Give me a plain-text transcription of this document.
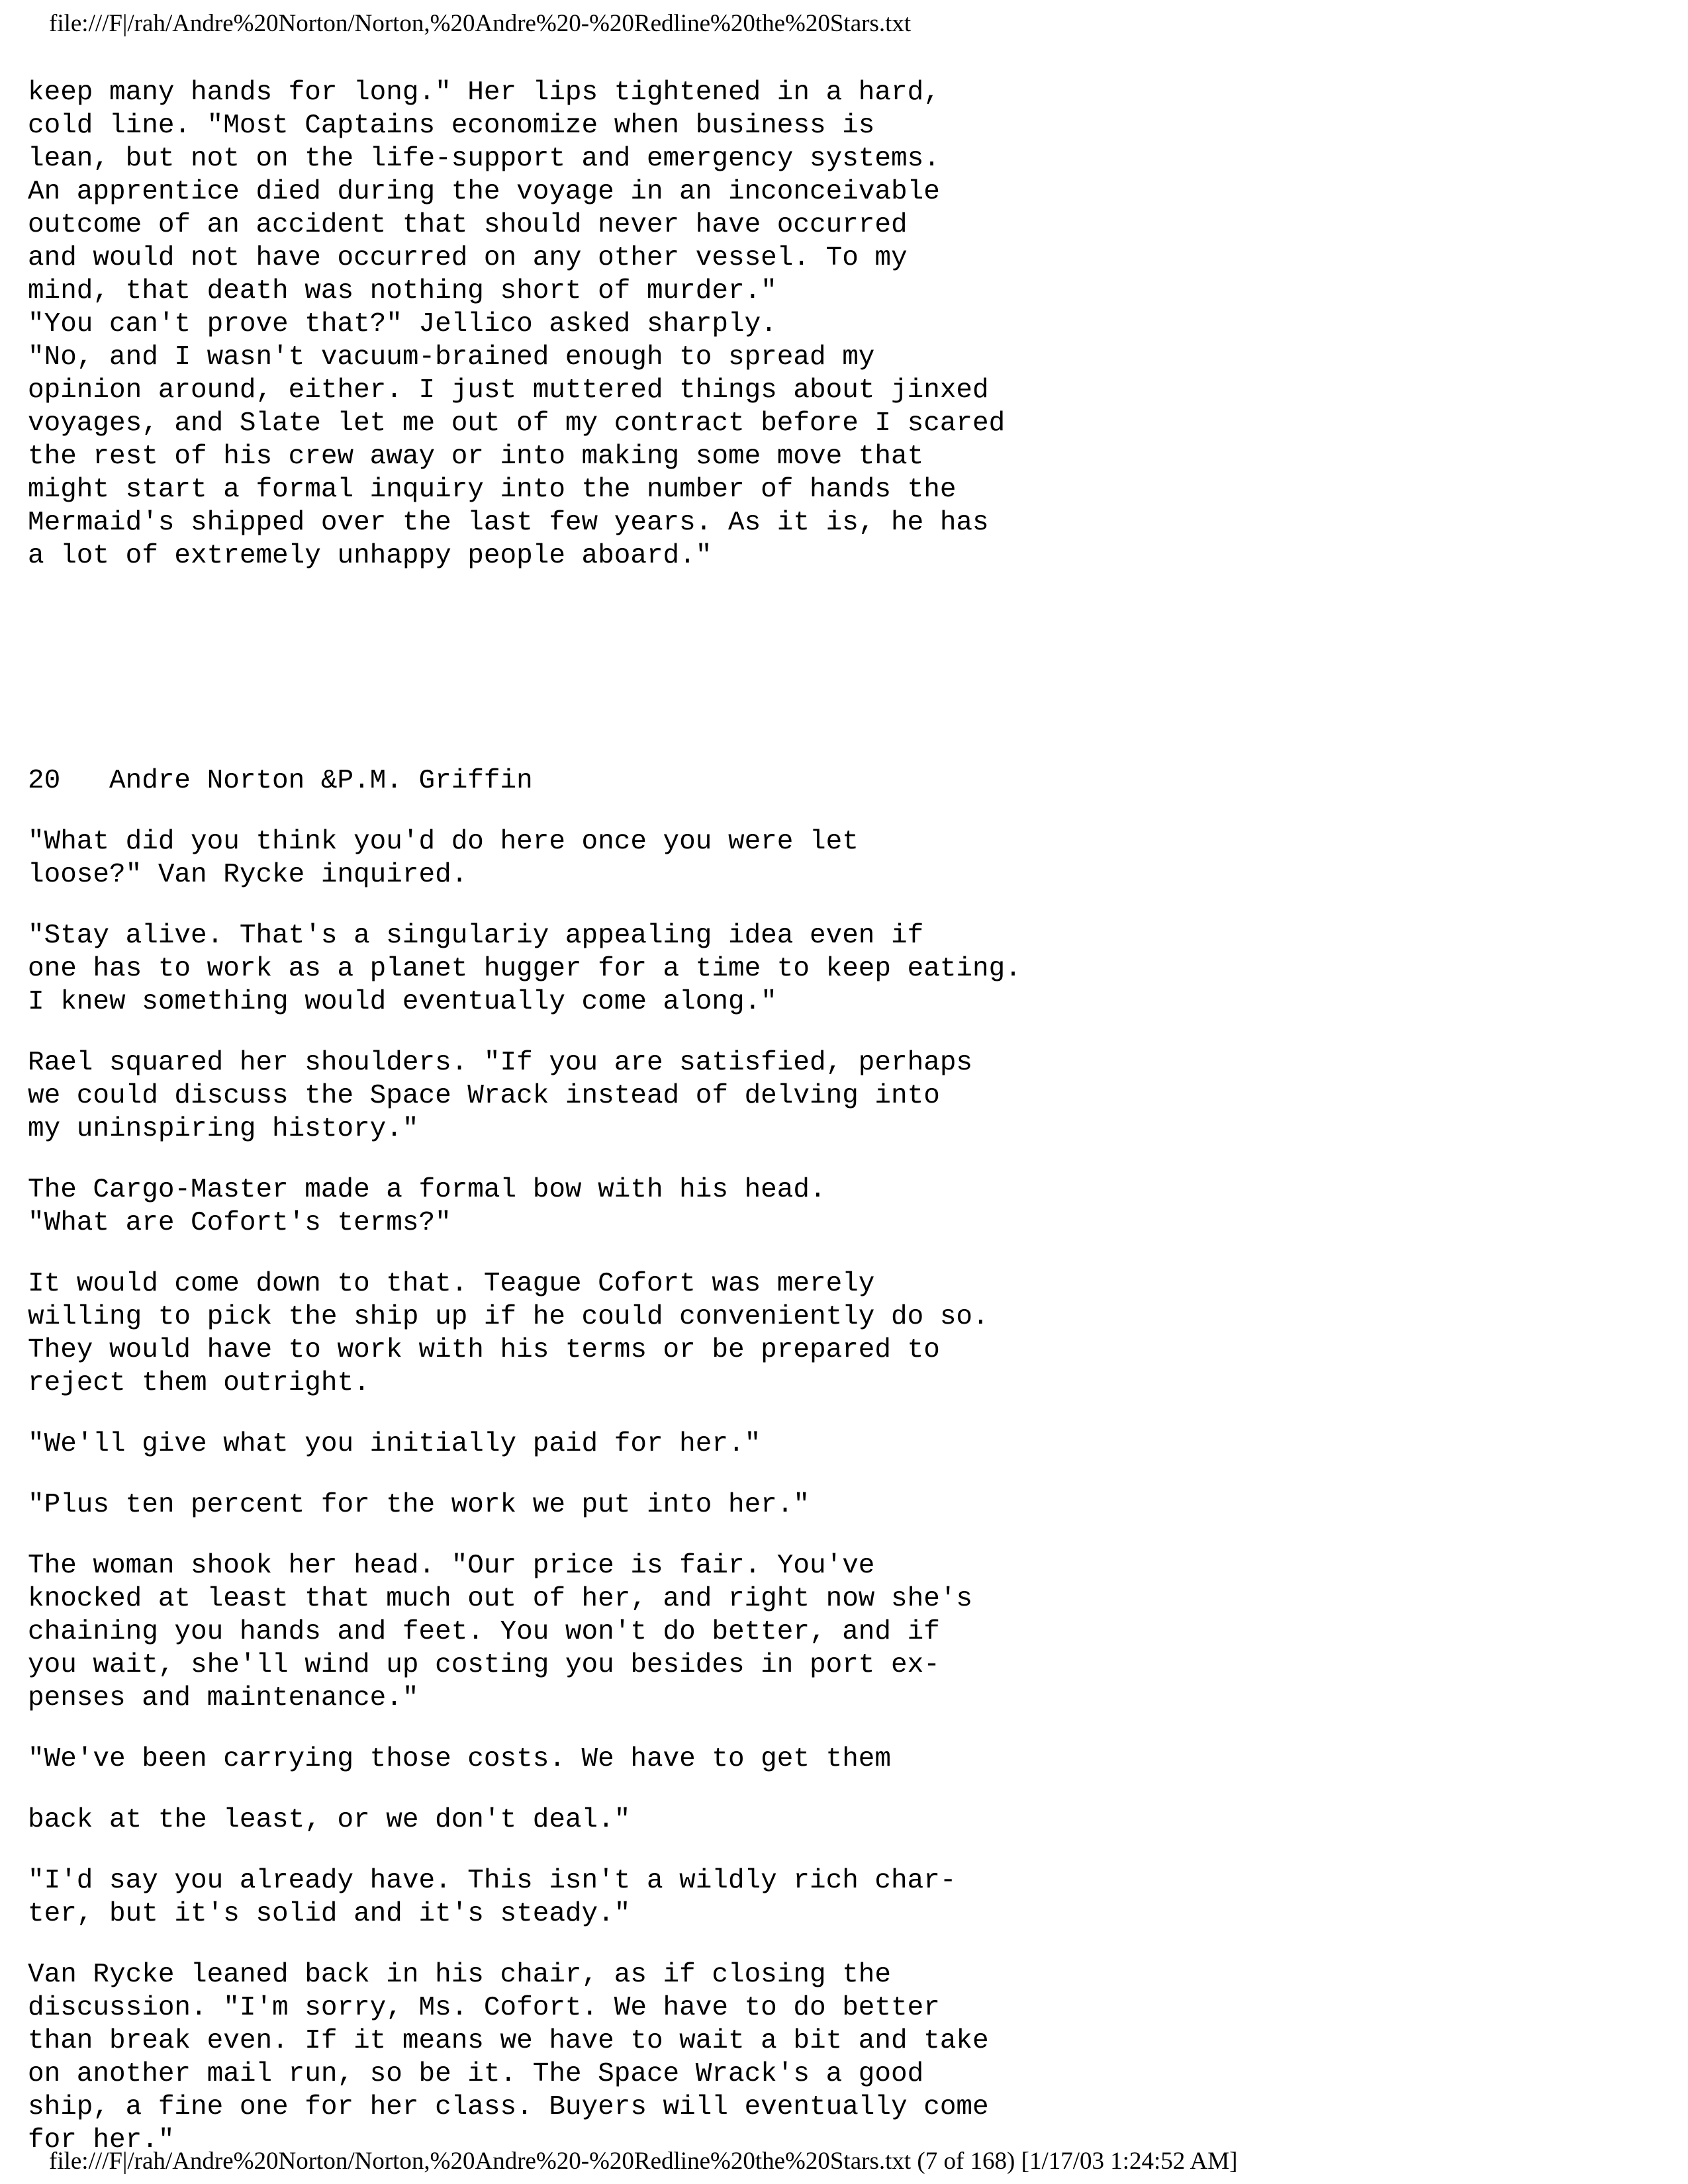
file:///F|/rah/Andre%20Norton/Norton,%20Andre%20-%20Redline%20the%20Stars.txt
keep many hands for long." Her lips tightened in a hard,
cold line. "Most Captains economize when business is
lean, but not on the life-support and emergency systems.
An apprentice died during the voyage in an inconceivable
outcome of an accident that should never have occurred
and would not have occurred on any other vessel. To my
mind, that death was nothing short of murder."
"You can't prove that?" Jellico asked sharply.
"No, and I wasn't vacuum-brained enough to spread my
opinion around, either. I just muttered things about jinxed
voyages, and Slate let me out of my contract before I scared
the rest of his crew away or into making some move that
might start a formal inquiry into the number of hands the
Mermaid's shipped over the last few years. As it is, he has
a lot of extremely unhappy people aboard."
20   Andre Norton &P.M. Griffin
"What did you think you'd do here once you were let
loose?" Van Rycke inquired.
"Stay alive. That's a singulariy appealing idea even if
one has to work as a planet hugger for a time to keep eating.
I knew something would eventually come along."
Rael squared her shoulders. "If you are satisfied, perhaps
we could discuss the Space Wrack instead of delving into
my uninspiring history."
The Cargo-Master made a formal bow with his head.
"What are Cofort's terms?"
It would come down to that. Teague Cofort was merely
willing to pick the ship up if he could conveniently do so.
They would have to work with his terms or be prepared to
reject them outright.
"We'll give what you initially paid for her."
"Plus ten percent for the work we put into her."
The woman shook her head. "Our price is fair. You've
knocked at least that much out of her, and right now she's
chaining you hands and feet. You won't do better, and if
you wait, she'll wind up costing you besides in port ex-
penses and maintenance."
"We've been carrying those costs. We have to get them
back at the least, or we don't deal."
"I'd say you already have. This isn't a wildly rich char-
ter, but it's solid and it's steady."
Van Rycke leaned back in his chair, as if closing the
discussion. "I'm sorry, Ms. Cofort. We have to do better
than break even. If it means we have to wait a bit and take
on another mail run, so be it. The Space Wrack's a good
ship, a fine one for her class. Buyers will eventually come
for her."
file:///F|/rah/Andre%20Norton/Norton,%20Andre%20-%20Redline%20the%20Stars.txt (7 of 168) [1/17/03 1:24:52 AM]
